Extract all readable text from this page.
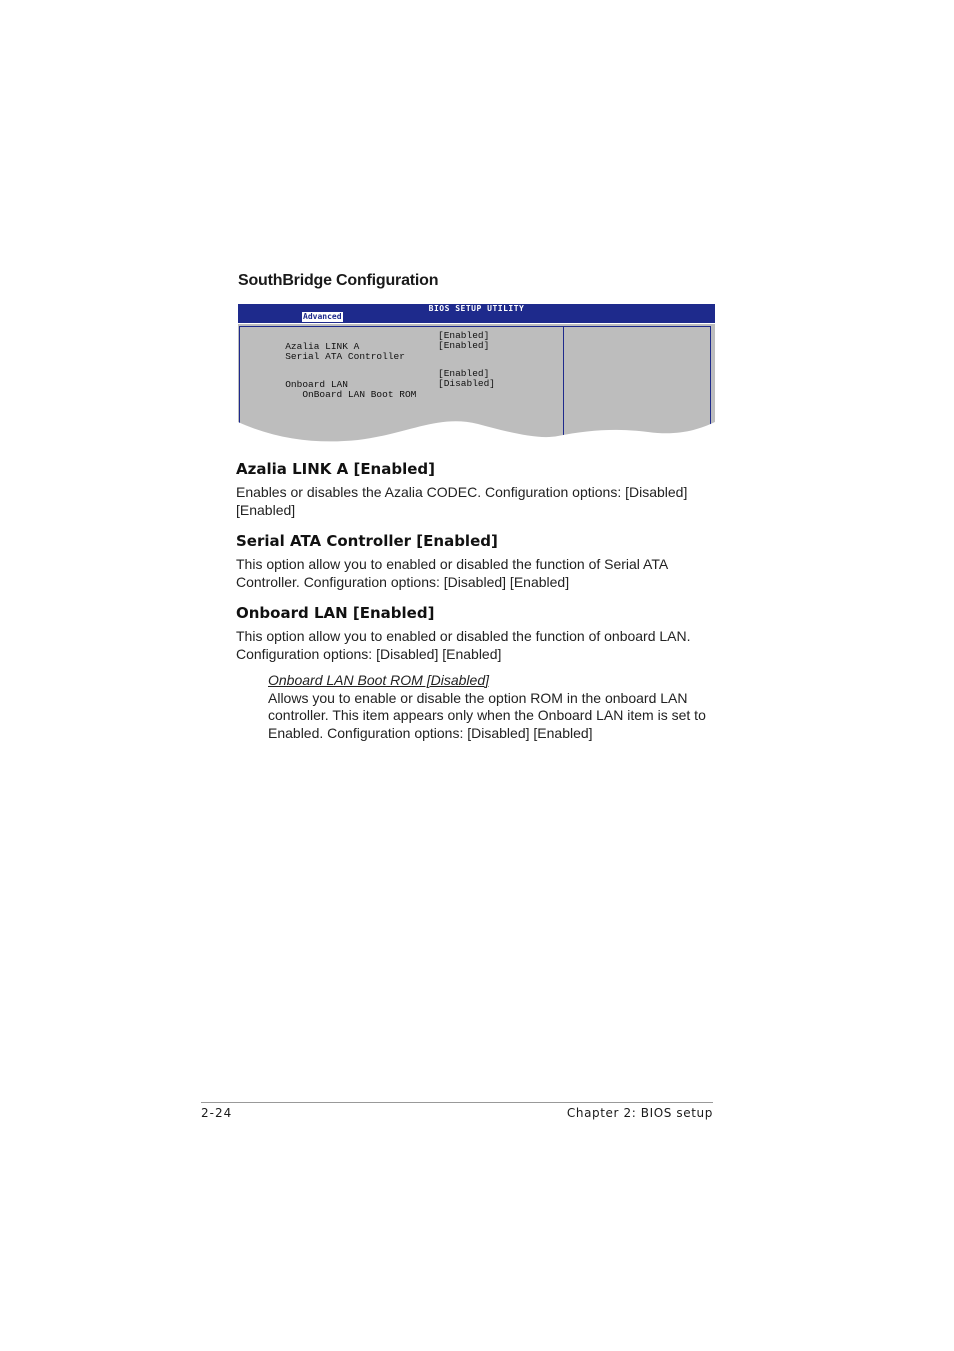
SouthBridge Configuration
BIOS SETUP UTILITY
Advanced

Azalia LINK A

[Enabled]

Serial ATA Controller

[Enabled]

Onboard LAN

[Enabled]

OnBoard LAN Boot ROM

[Disabled]

Azalia LINK A [Enabled]
Enables or disables the Azalia CODEC. Configuration options: [Disabled] [Enabled]
Serial ATA Controller [Enabled]
This option allow you to enabled or disabled the function of Serial ATA Controller. Configuration options: [Disabled] [Enabled]
Onboard LAN [Enabled]
This option allow you to enabled or disabled the function of onboard LAN. Configuration options: [Disabled] [Enabled]
Onboard LAN Boot ROM [Disabled]
Allows you to enable or disable the option ROM in the onboard LAN controller. This item appears only when the Onboard LAN item is set to Enabled. Configuration options: [Disabled] [Enabled]
2-24	Chapter 2: BIOS setup
